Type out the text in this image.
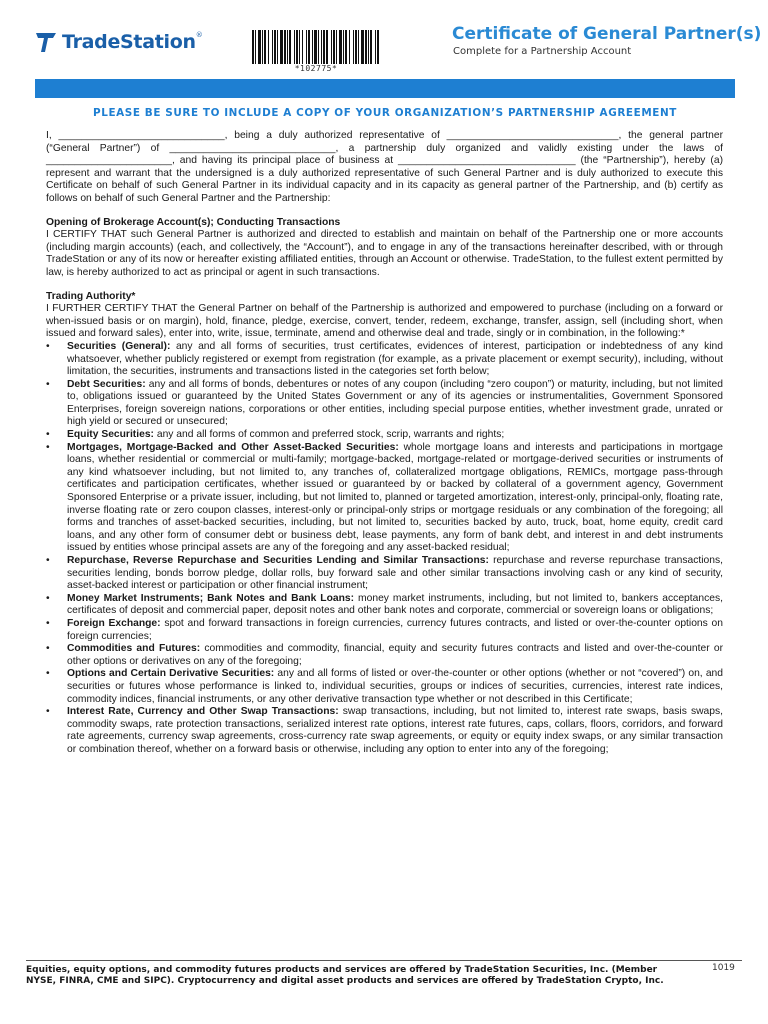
TradeStation®
*102775*
Certificate of General Partner(s)
Complete for a Partnership Account
PLEASE BE SURE TO INCLUDE A COPY OF YOUR ORGANIZATION’S PARTNERSHIP AGREEMENT

I, _____________________________, being a duly authorized representative of ______________________________, the general partner (“General Partner”) of _____________________________, a partnership duly organized and validly existing under the laws of ______________________, and having its principal place of business at _______________________________ (the “Partnership”), hereby (a) represent and warrant that the undersigned is a duly authorized representative of such General Partner and is duly authorized to execute this Certificate on behalf of such General Partner in its individual capacity and in its capacity as general partner of the Partnership, and (b) certify as follows on behalf of such General Partner and the Partnership:

Opening of Brokerage Account(s); Conducting Transactions

I CERTIFY THAT such General Partner is authorized and directed to establish and maintain on behalf of the Partnership one or more accounts (including margin accounts) (each, and collectively, the “Account”), and to engage in any of the transactions hereinafter described, with or through TradeStation or any of its now or hereafter existing affiliated entities, through an Account or otherwise. TradeStation, to the fullest extent permitted by law, is hereby authorized to act as principal or agent in such transactions.

Trading Authority*

I FURTHER CERTIFY THAT the General Partner on behalf of the Partnership is authorized and empowered to purchase (including on a forward or when-issued basis or on margin), hold, finance, pledge, exercise, convert, tender, redeem, exchange, transfer, assign, sell (including short, when issued and forward sales), enter into, write, issue, terminate, amend and otherwise deal and trade, singly or in combination, in the following:*

• Securities (General): any and all forms of securities, trust certificates, evidences of interest, participation or indebtedness of any kind whatsoever, whether publicly registered or exempt from registration (for example, as a private placement or exempt security), including, without limitation, the securities, instruments and transactions listed in the categories set forth below;
• Debt Securities: any and all forms of bonds, debentures or notes of any coupon (including “zero coupon”) or maturity, including, but not limited to, obligations issued or guaranteed by the United States Government or any of its agencies or instrumentalities, Government Sponsored Enterprises, foreign sovereign nations, corporations or other entities, including special purpose entities, whether investment grade, unrated or high yield or secured or unsecured;
• Equity Securities: any and all forms of common and preferred stock, scrip, warrants and rights;
• Mortgages, Mortgage-Backed and Other Asset-Backed Securities: whole mortgage loans and interests and participations in mortgage loans, whether residential or commercial or multi-family; mortgage-backed, mortgage-related or mortgage-derived securities or instruments of any kind whatsoever including, but not limited to, any tranches of, collateralized mortgage obligations, REMICs, mortgage pass-through certificates and participation certificates, whether issued or guaranteed by or backed by collateral of a government agency, Government Sponsored Enterprise or a private issuer, including, but not limited to, planned or targeted amortization, interest-only, principal-only, floating rate, inverse floating rate or zero coupon classes, interest-only or principal-only strips or mortgage residuals or any combination of the foregoing; all forms and tranches of asset-backed securities, including, but not limited to, securities backed by auto, truck, boat, home equity, credit card loans, and any other form of consumer debt or business debt, lease payments, any form of bank debt, and interest in and debt instruments issued by entities whose principal assets are any of the foregoing and any asset-backed residual;
• Repurchase, Reverse Repurchase and Securities Lending and Similar Transactions: repurchase and reverse repurchase transactions, securities lending, bonds borrow pledge, dollar rolls, buy forward sale and other similar transactions involving cash or any kind of security, asset-backed interest or participation or other financial instrument;
• Money Market Instruments; Bank Notes and Bank Loans: money market instruments, including, but not limited to, bankers acceptances, certificates of deposit and commercial paper, deposit notes and other bank notes and corporate, commercial or sovereign loans or obligations;
• Foreign Exchange: spot and forward transactions in foreign currencies, currency futures contracts, and listed or over-the-counter options on foreign currencies;
• Commodities and Futures: commodities and commodity, financial, equity and security futures contracts and listed and over-the-counter or other options or derivatives on any of the foregoing;
• Options and Certain Derivative Securities: any and all forms of listed or over-the-counter or other options (whether or not “covered”) on, and securities or futures whose performance is linked to, individual securities, groups or indices of securities, currencies, interest rate indices, commodity indices, financial instruments, or any other derivative transaction type whether or not described in this Certificate;
• Interest Rate, Currency and Other Swap Transactions: swap transactions, including, but not limited to, interest rate swaps, basis swaps, commodity swaps, rate protection transactions, serialized interest rate options, interest rate futures, caps, collars, floors, corridors, and forward rate agreements, currency swap agreements, cross-currency rate swap agreements, or equity or equity index swaps, or any similar transaction or combination thereof, whether on a forward basis or otherwise, including any option to enter into any of the foregoing;
Equities, equity options, and commodity futures products and services are offered by TradeStation Securities, Inc. (Member NYSE, FINRA, CME and SIPC). Cryptocurrency and digital asset products and services are offered by TradeStation Crypto, Inc.
1019
